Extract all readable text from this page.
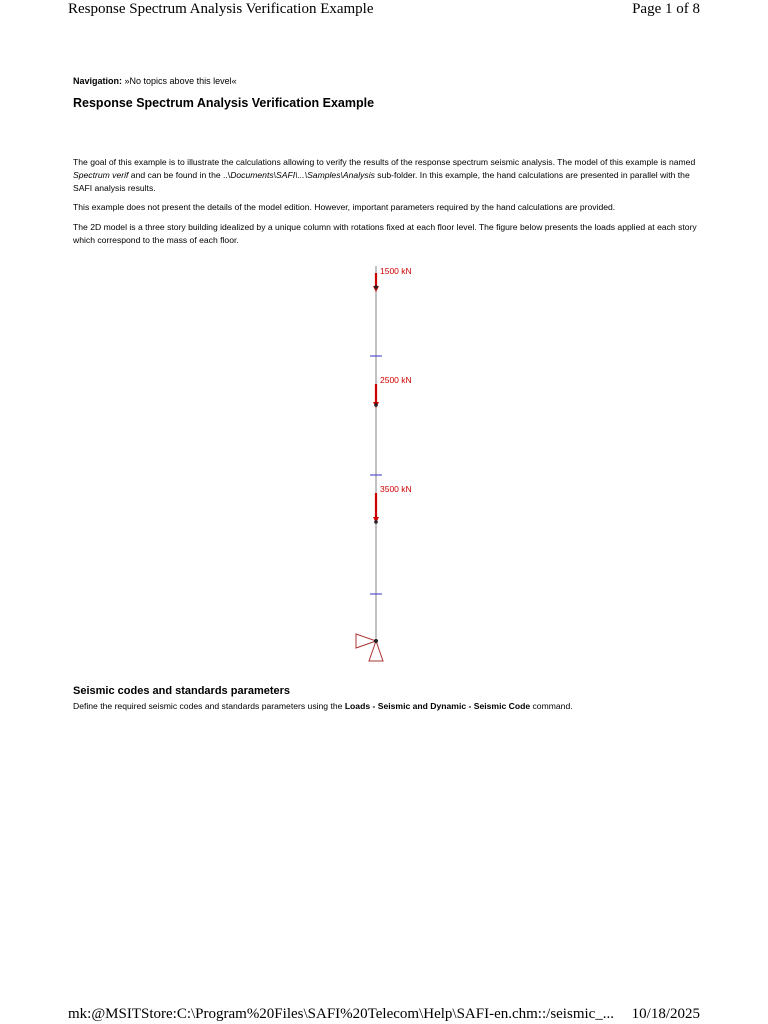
Response Spectrum Analysis Verification Example	Page 1 of 8
Navigation: »No topics above this level«
Response Spectrum Analysis Verification Example

The goal of this example is to illustrate the calculations allowing to verify the results of the response spectrum seismic analysis. The model of this example is named Spectrum verif and can be found in the ..\Documents\SAFI\...\Samples\Analysis sub-folder. In this example, the hand calculations are presented in parallel with the SAFI analysis results.

This example does not present the details of the model edition. However, important parameters required by the hand calculations are provided.

The 2D model is a three story building idealized by a unique column with rotations fixed at each floor level. The figure below presents the loads applied at each story which correspond to the mass of each floor.

1500 kN
2500 kN
3500 kN
Seismic codes and standards parameters
Define the required seismic codes and standards parameters using the Loads - Seismic and Dynamic - Seismic Code command.
mk:@MSITStore:C:\Program%20Files\SAFI%20Telecom\Help\SAFI-en.chm::/seismic_... 10/18/2025
